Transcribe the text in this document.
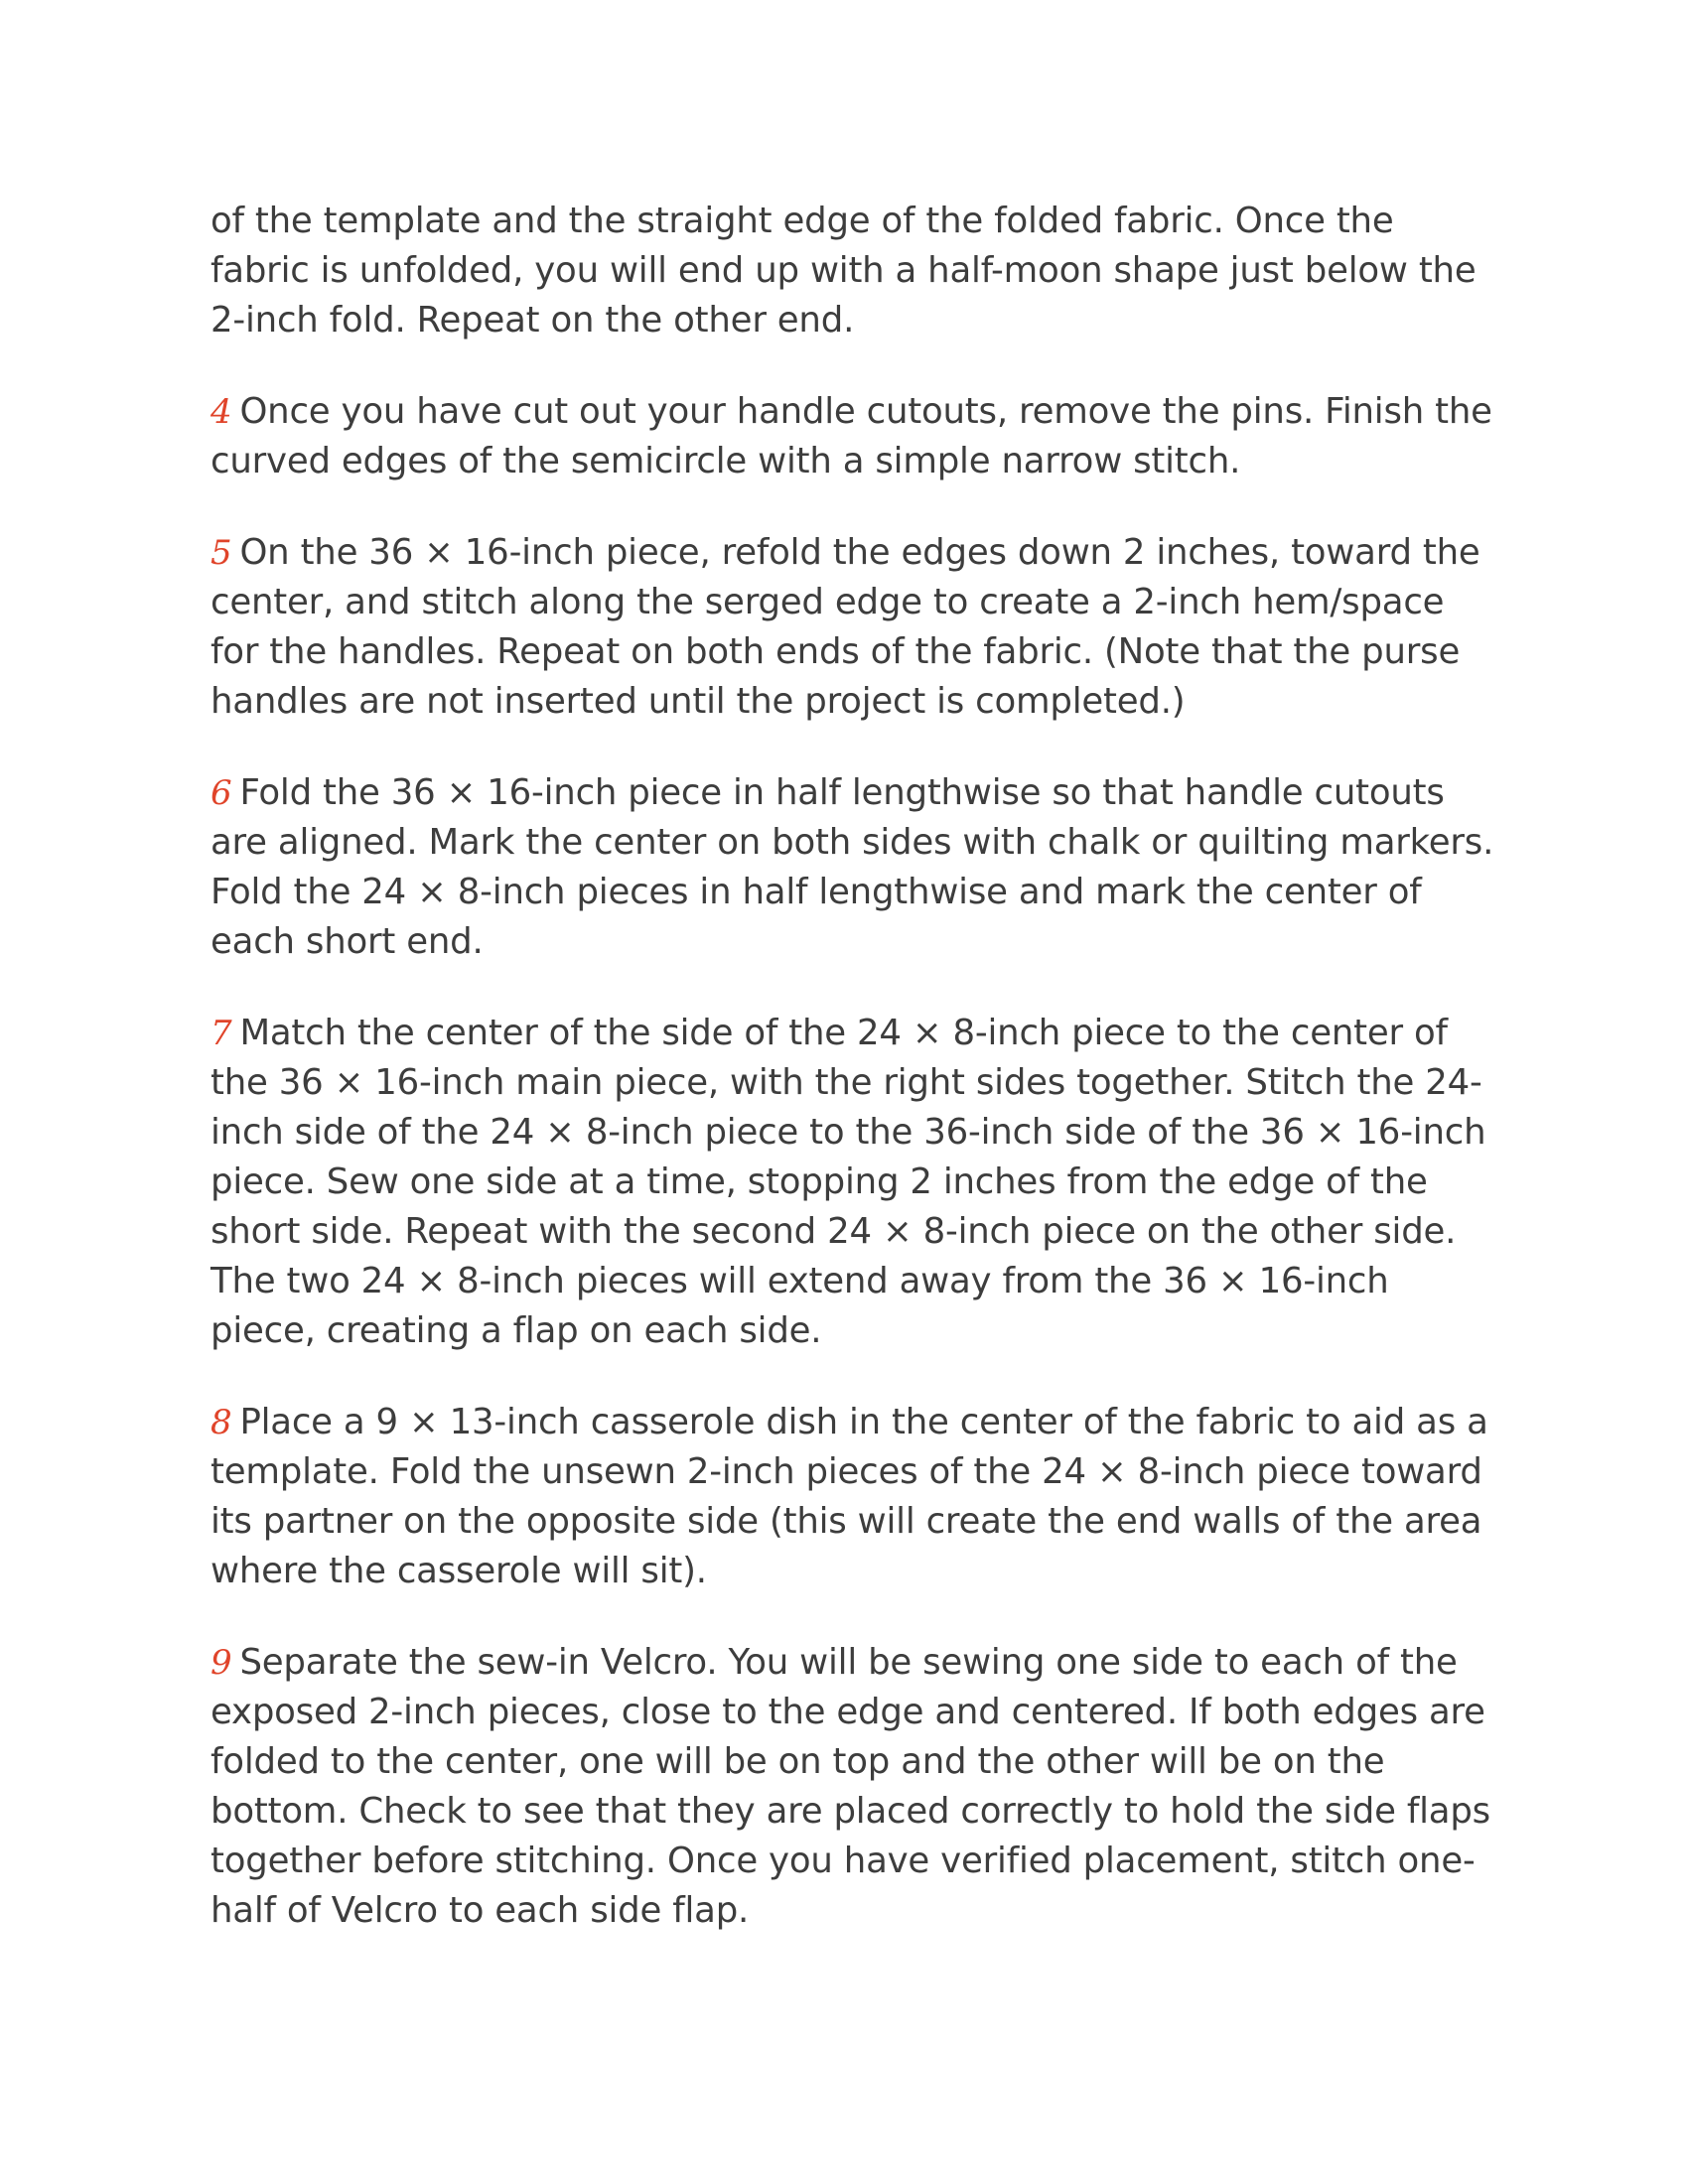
of the template and the straight edge of the folded fabric. Once the fabric is unfolded, you will end up with a half-moon shape just below the 2-inch fold. Repeat on the other end.

4 Once you have cut out your handle cutouts, remove the pins. Finish the curved edges of the semicircle with a simple narrow stitch.

5 On the 36 × 16-inch piece, refold the edges down 2 inches, toward the center, and stitch along the serged edge to create a 2-inch hem/space for the handles. Repeat on both ends of the fabric. (Note that the purse handles are not inserted until the project is completed.)

6 Fold the 36 × 16-inch piece in half lengthwise so that handle cutouts are aligned. Mark the center on both sides with chalk or quilting markers. Fold the 24 × 8-inch pieces in half lengthwise and mark the center of each short end.

7 Match the center of the side of the 24 × 8-inch piece to the center of the 36 × 16-inch main piece, with the right sides together. Stitch the 24-inch side of the 24 × 8-inch piece to the 36-inch side of the 36 × 16-inch piece. Sew one side at a time, stopping 2 inches from the edge of the short side. Repeat with the second 24 × 8-inch piece on the other side. The two 24 × 8-inch pieces will extend away from the 36 × 16-inch piece, creating a flap on each side.

8 Place a 9 × 13-inch casserole dish in the center of the fabric to aid as a template. Fold the unsewn 2-inch pieces of the 24 × 8-inch piece toward its partner on the opposite side (this will create the end walls of the area where the casserole will sit).

9 Separate the sew-in Velcro. You will be sewing one side to each of the exposed 2-inch pieces, close to the edge and centered. If both edges are folded to the center, one will be on top and the other will be on the bottom. Check to see that they are placed correctly to hold the side flaps together before stitching. Once you have verified placement, stitch one-half of Velcro to each side flap.
